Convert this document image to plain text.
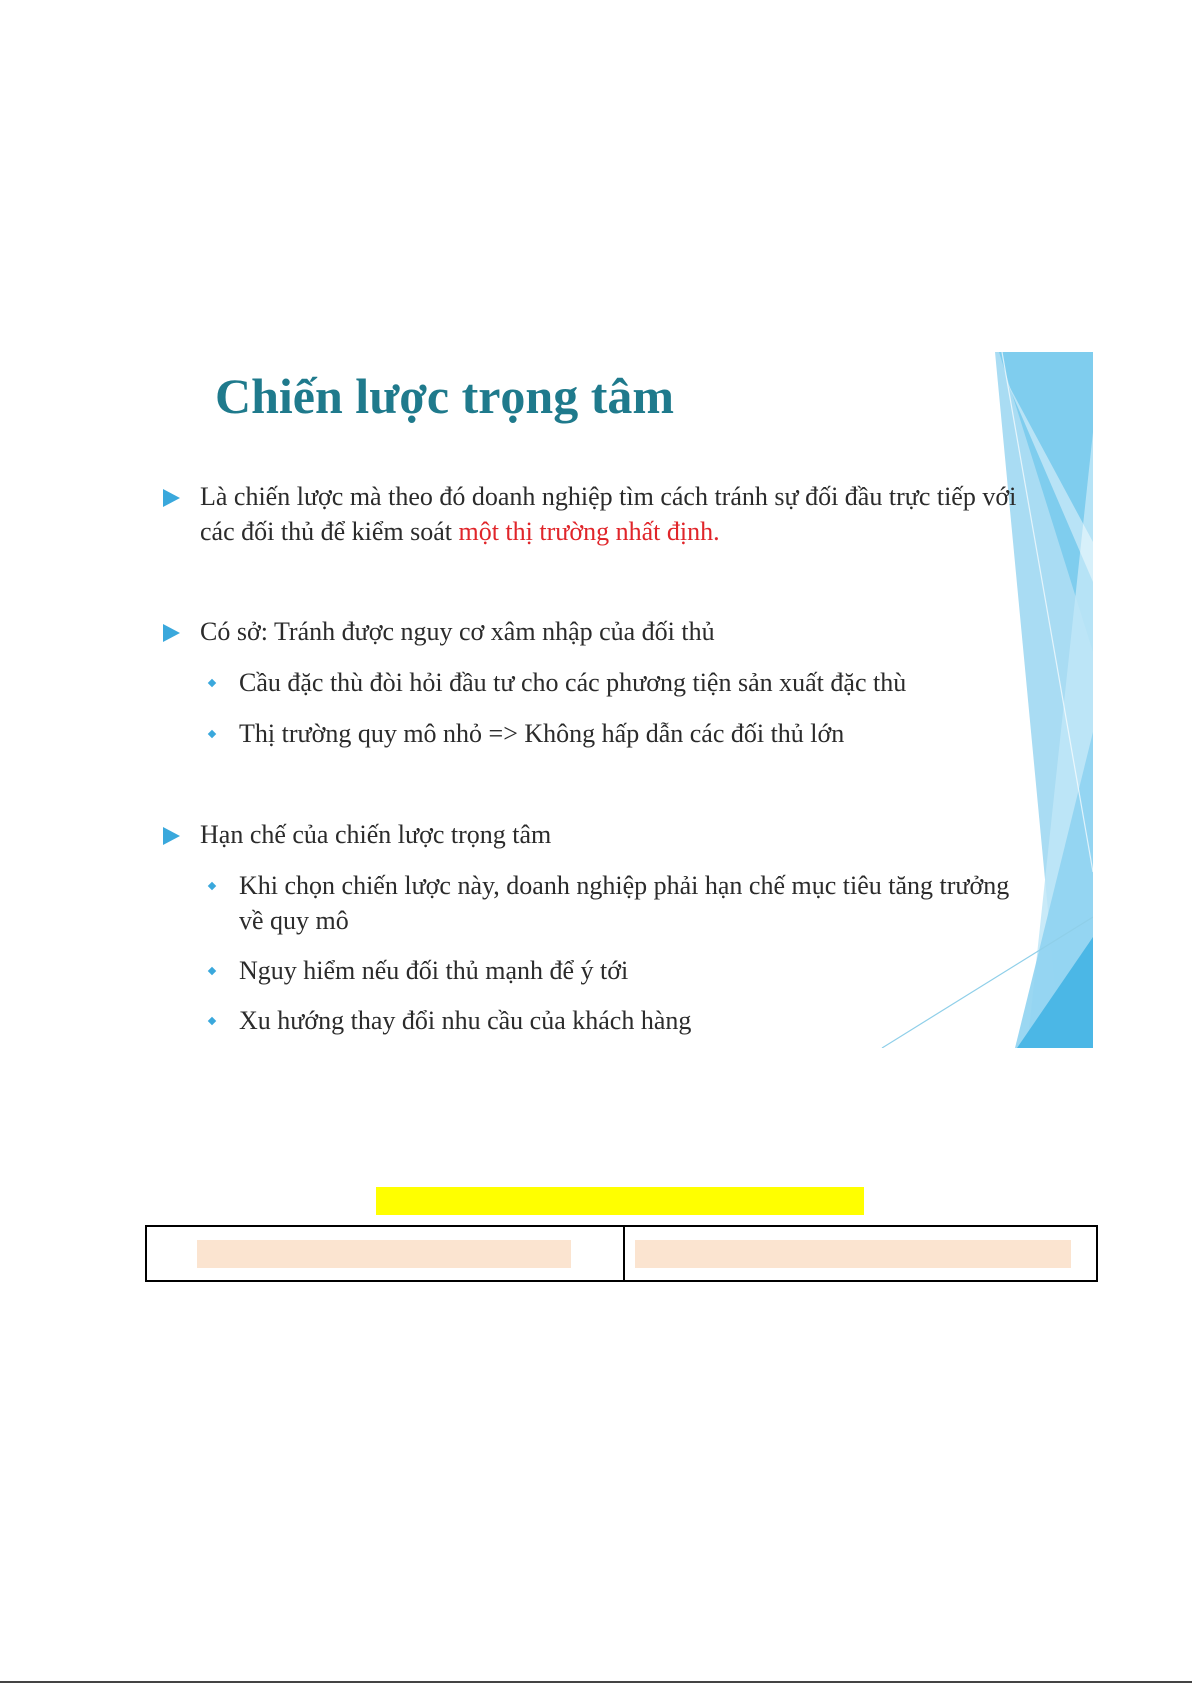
Chiến lược trọng tâm
Là chiến lược mà theo đó doanh nghiệp tìm cách tránh sự đối đầu trực tiếp với các đối thủ để kiểm soát một thị trường nhất định.
Có sở: Tránh được nguy cơ xâm nhập của đối thủ
Cầu đặc thù đòi hỏi đầu tư cho các phương tiện sản xuất đặc thù
Thị trường quy mô nhỏ => Không hấp dẫn các đối thủ lớn
Hạn chế của chiến lược trọng tâm
Khi chọn chiến lược này, doanh nghiệp phải hạn chế mục tiêu tăng trưởng về quy mô
Nguy hiểm nếu đối thủ mạnh để ý tới
Xu hướng thay đổi nhu cầu của khách hàng
